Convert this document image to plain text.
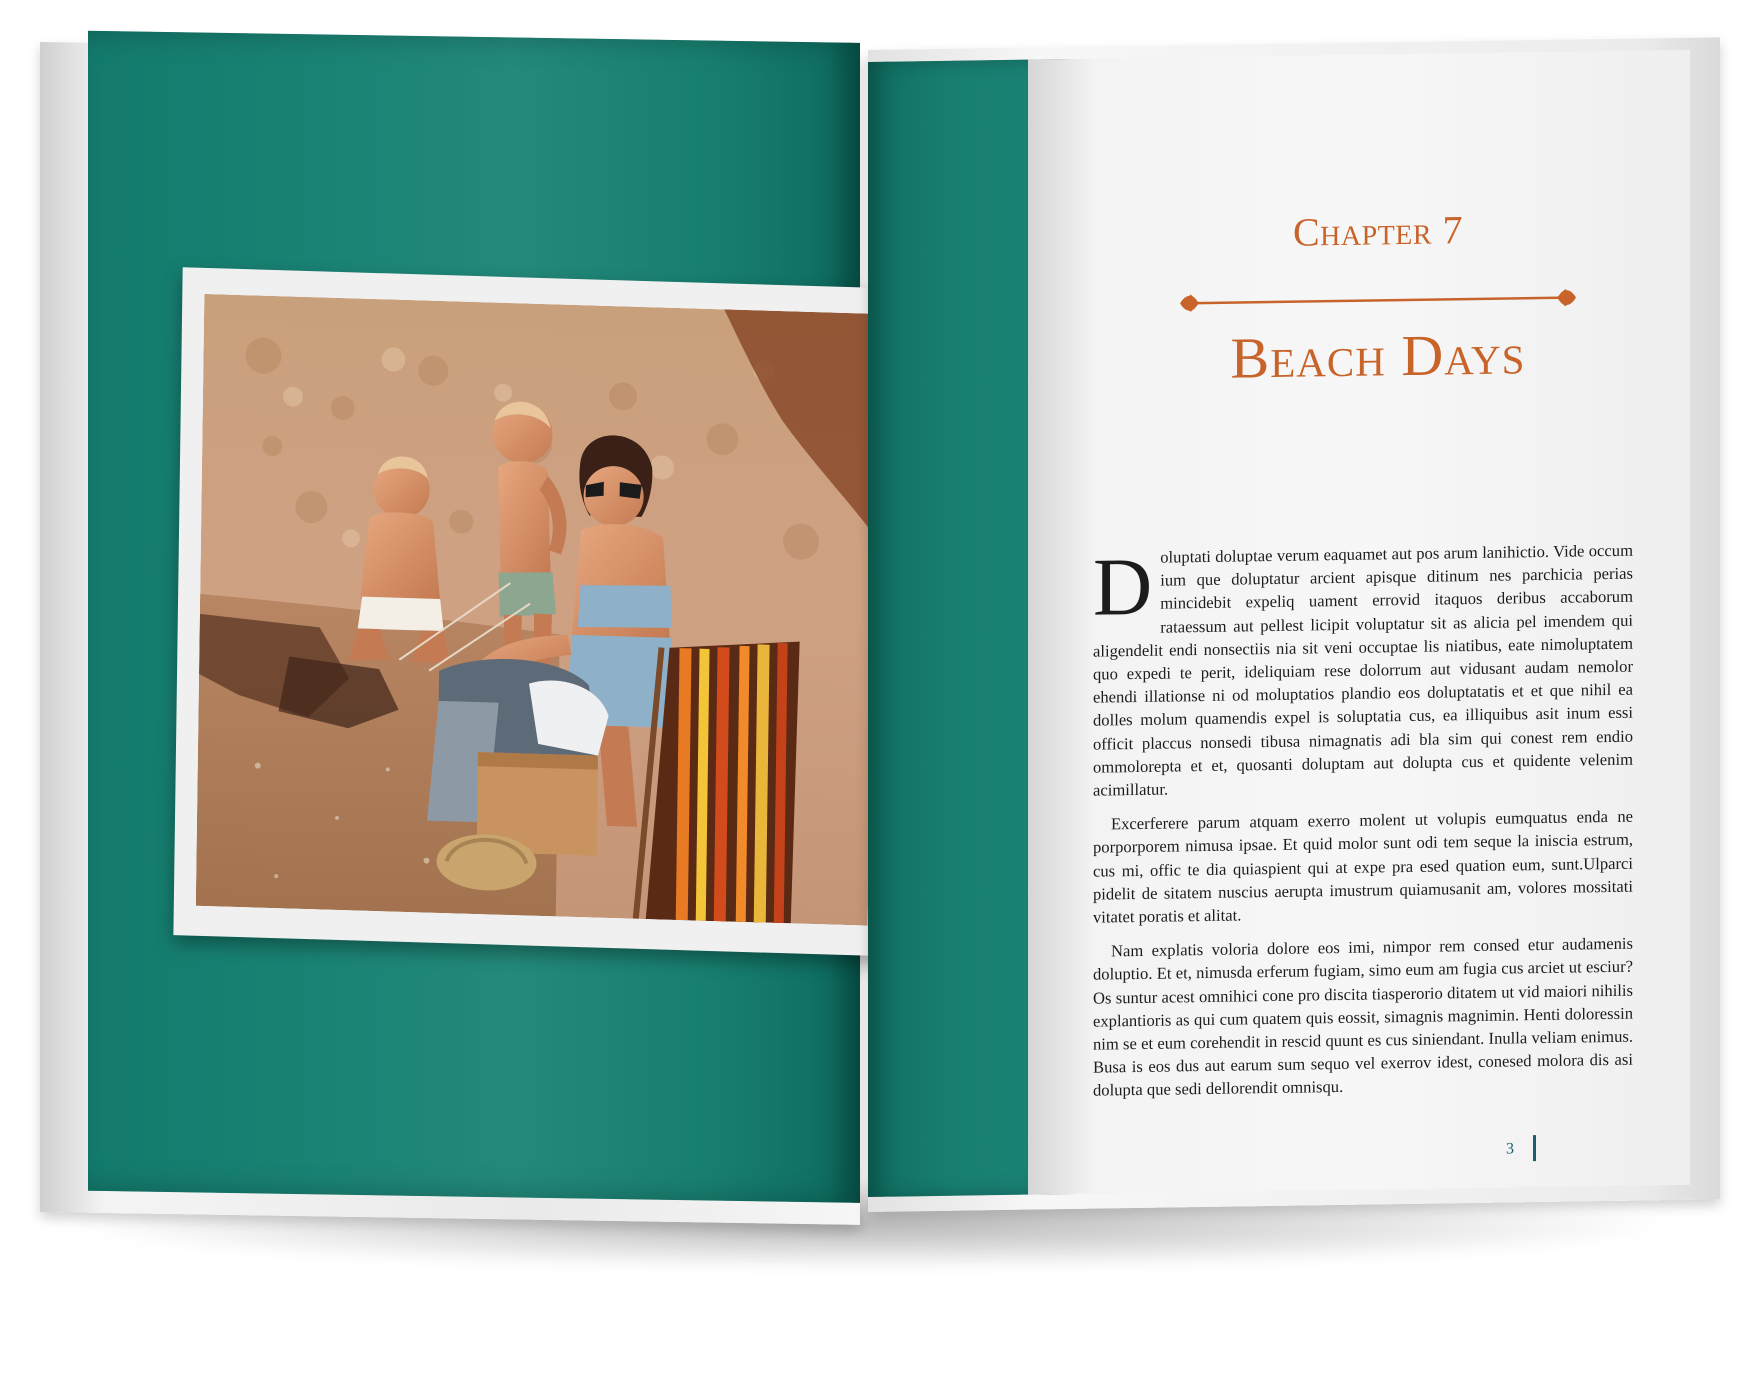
Chapter 7
Beach Days

Doluptati doluptae verum eaquamet aut pos arum lanihictio. Vide occum ium que doluptatur arcient apisque ditinum nes parchicia perias mincidebit expeliq uament errovid itaquos deribus accaborum rataessum aut pellest licipit voluptatur sit as alicia pel imendem qui aligendelit endi nonsectiis nia sit veni occuptae lis niatibus, eate nimoluptatem quo expedi te perit, ideliquiam rese dolorrum aut vidusant audam nemolor ehendi illationse ni od moluptatios plandio eos doluptatatis et et que nihil ea dolles molum quamendis expel is soluptatia cus, ea illiquibus asit inum essi officit placcus nonsedi tibusa nimagnatis adi bla sim qui conest rem endio ommolorepta et et, quosanti doluptam aut dolupta cus et quidente velenim acimillatur.

Excerferere parum atquam exerro molent ut volupis eumquatus enda ne porporporem nimusa ipsae. Et quid molor sunt odi tem seque la iniscia estrum, cus mi, offic te dia quiaspient qui at expe pra esed quation eum, sunt.Ulparci pidelit de sitatem nuscius aerupta imustrum quiamusanit am, volores mossitati vitatet poratis et alitat.

Nam explatis voloria dolore eos imi, nimpor rem consed etur audamenis doluptio. Et et, nimusda erferum fugiam, simo eum am fugia cus arciet ut esciur? Os suntur acest omnihici cone pro discita tiasperorio ditatem ut vid maiori nihilis explantioris as qui cum quatem quis eossit, simagnis magnimin. Henti doloressin nim se et eum corehendit in rescid quunt es cus siniendant. Inulla veliam enimus. Busa is eos dus aut earum sum sequo vel exerrov idest, conesed molora dis asi dolupta que sedi dellorendit omnisqu.

3
